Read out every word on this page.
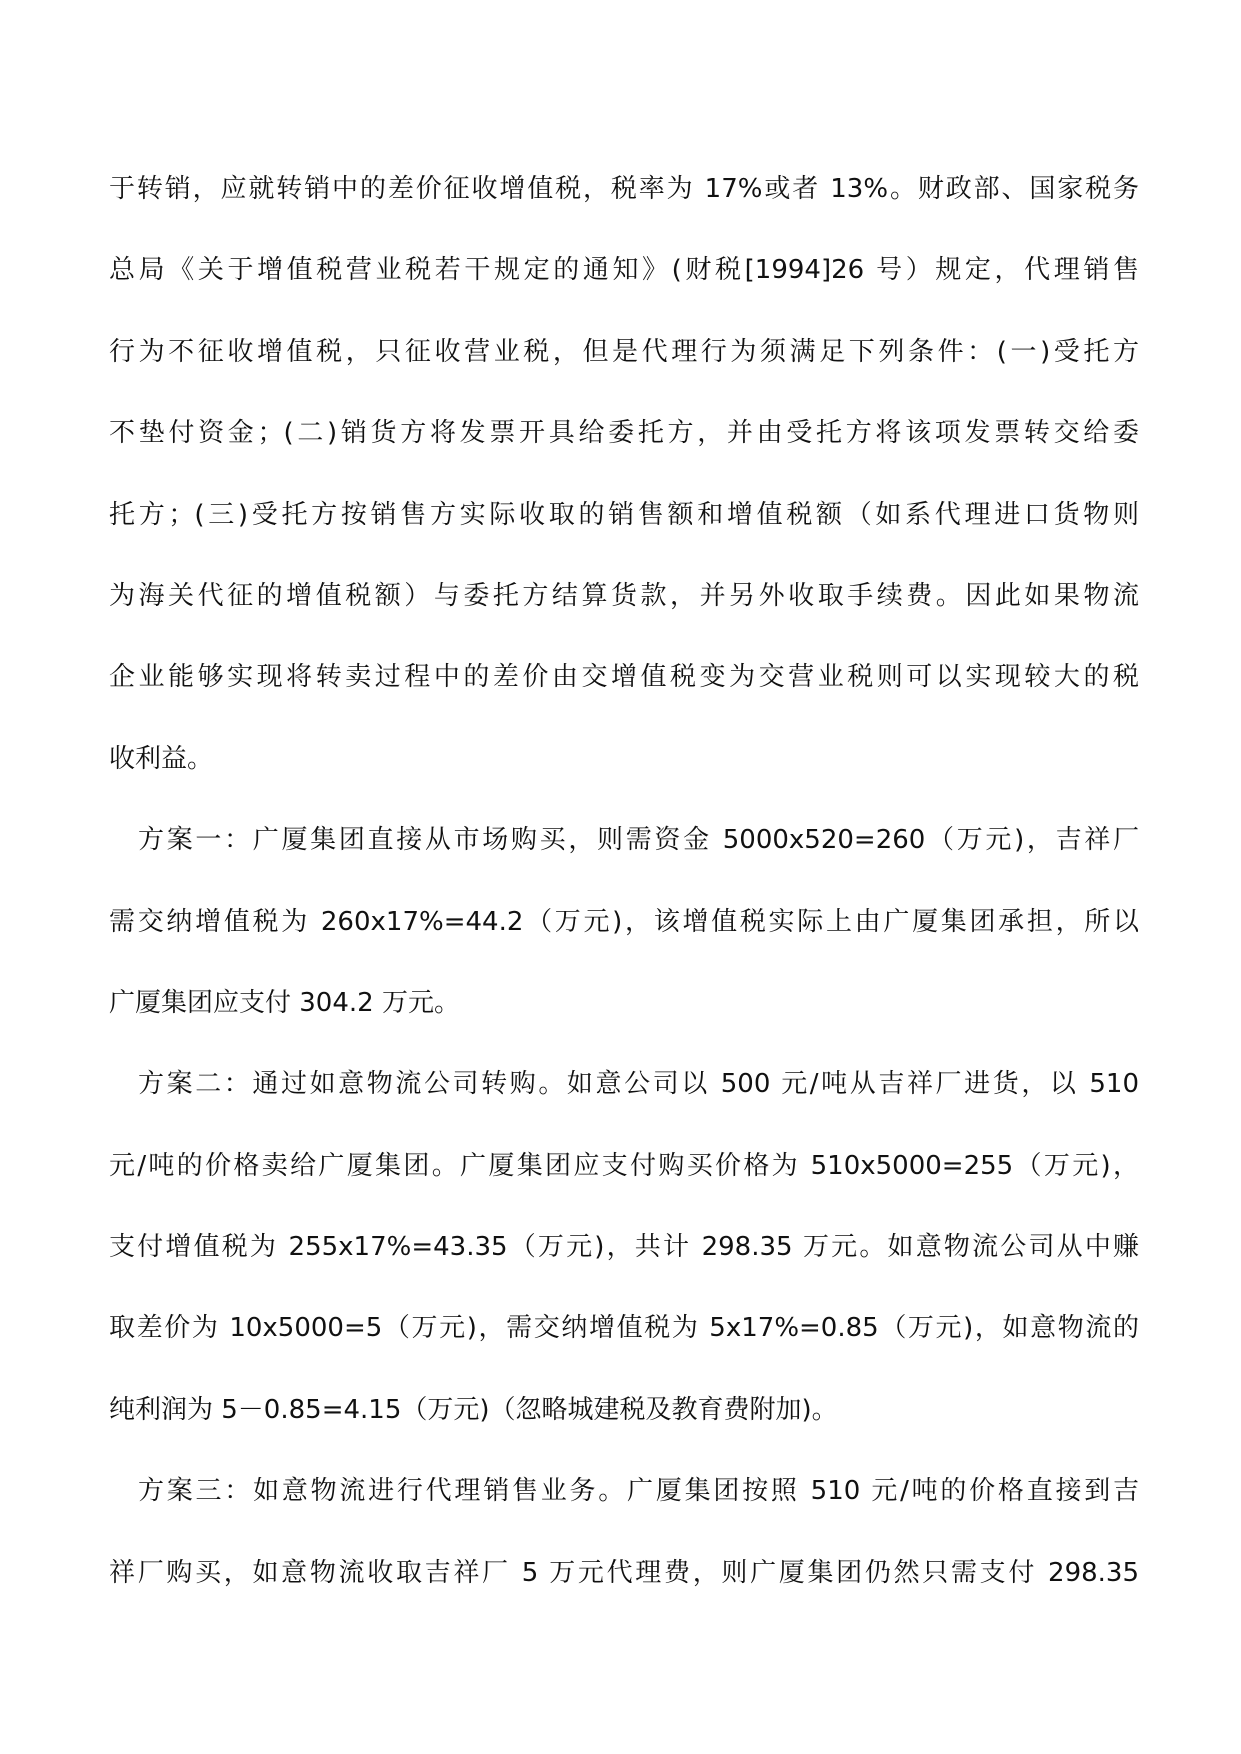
于转销，应就转销中的差价征收增值税，税率为 17%或者 13%。财政部、国家税务
总局《关于增值税营业税若干规定的通知》(财税[1994]26 号）规定，代理销售
行为不征收增值税，只征收营业税，但是代理行为须满足下列条件：(一)受托方
不垫付资金；(二)销货方将发票开具给委托方，并由受托方将该项发票转交给委
托方；(三)受托方按销售方实际收取的销售额和增值税额（如系代理进口货物则
为海关代征的增值税额）与委托方结算货款，并另外收取手续费。因此如果物流
企业能够实现将转卖过程中的差价由交增值税变为交营业税则可以实现较大的税
收利益。
方案一：广厦集团直接从市场购买，则需资金 5000x520=260（万元)，吉祥厂
需交纳增值税为 260x17%=44.2（万元)，该增值税实际上由广厦集团承担，所以
广厦集团应支付 304.2 万元。
方案二：通过如意物流公司转购。如意公司以 500 元/吨从吉祥厂进货，以 510
元/吨的价格卖给广厦集团。广厦集团应支付购买价格为 510x5000=255（万元)，
支付增值税为 255x17%=43.35（万元)，共计 298.35 万元。如意物流公司从中赚
取差价为 10x5000=5（万元)，需交纳增值税为 5x17%=0.85（万元)，如意物流的
纯利润为 5－0.85=4.15（万元)（忽略城建税及教育费附加)。
方案三：如意物流进行代理销售业务。广厦集团按照 510 元/吨的价格直接到吉
祥厂购买，如意物流收取吉祥厂 5 万元代理费，则广厦集团仍然只需支付 298.35
